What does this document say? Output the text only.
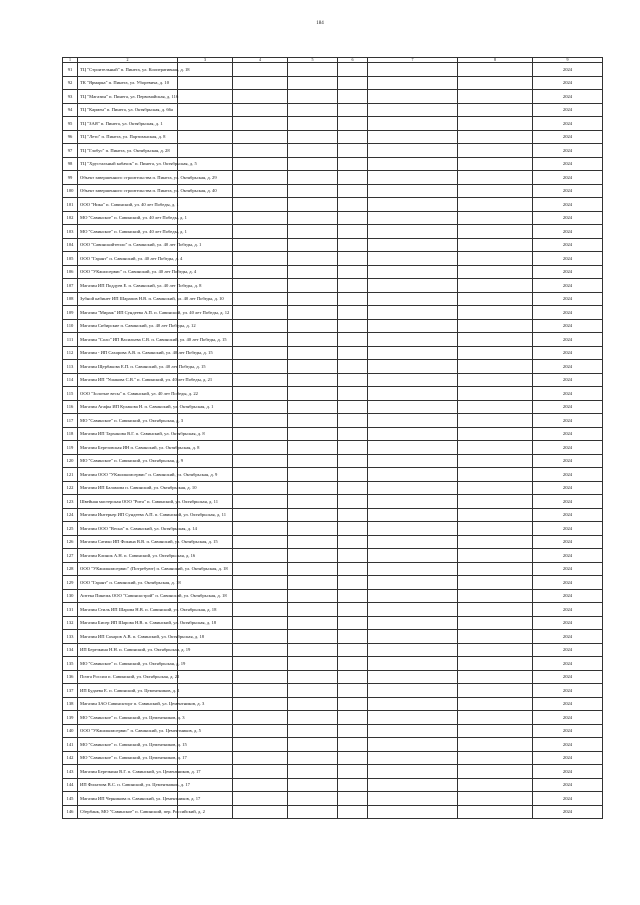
184
1	2	3	4	5	6	7	8	9
91	ТЦ "Строительный" п. Пинега, ул. Кооперативная, д. 18							2024
92	ТК "Ярмарка" п. Пинега, ул. Уборевича, д. 10							2024
93	ТЦ "Магазин" п. Пинега, ул. Первомайская, д. 116							2024
94	ТЦ "Кармен" п. Пинега, ул. Октябрьская, д. 66а							2024
95	ТЦ "ЗАЯ" п. Пинега, ул. Октябрьская, д. 1							2024
96	ТЦ "Лето" п. Пинега, ул. Партизанская, д. 8							2024
97	ТЦ "Глобус" п. Пинега, ул. Октябрьская, д. 28							2024
98	ТЦ "Хрустальный кабачок" п. Пинега, ул. Октябрьская, д. 5							2024
99	Объект завершенного строительства п. Пинега, ул. Октябрьская, д. 29							2024
100	Объект завершенного строительства п. Пинега, ул. Октябрьская, д. 40							2024
101	ООО "Ника" п. Савинский, ул. 40 лет Победы, д. 1							2024
102	МО "Савинское" п. Савинский, ул. 40 лет Победы, д. 1							2024
103	МО "Савинское" п. Савинский, ул. 40 лет Победы, д. 1							2024
104	ООО "Савинскийтепло" п. Савинский, ул. 40 лет Победы, д. 1							2024
105	ООО "Гарант" п. Савинский, ул. 40 лет Победы, д. 4							2024
106	ООО "УКжилсервис" п. Савинский, ул. 40 лет Победы, д. 4							2024
107	Магазин ИП Поддуев Е. п. Савинский, ул. 40 лет Победы, д. 8							2024
108	Зубной кабинет ИП Шарапов Н.В. п. Савинский, ул. 40 лет Победы, д. 10							2024
109	Магазин "Мираж" ИП Сундеева А.П. п. Савинский, ул. 40 лет Победы, д. 12							2024
110	Магазин Сибирские п. Савинский, ул. 40 лет Победы, д. 12							2024
111	Магазин "Соло" ИП Васильева С.В. п. Савинский, ул. 40 лет Победы, д. 15							2024
112	Магазин - ИП Сахарова А.В. п. Савинский, ул. 40 лет Победы, д. 15							2024
113	Магазин Щербакова Е.П. п. Савинский, ул. 40 лет Победы, д. 15							2024
114	Магазин ИП "Ушакова С.В." п. Савинский, ул. 40 лет Победы, д. 21							2024
115	ООО "Золотые весы" п. Савинский, ул. 40 лет Победы, д. 22							2024
116	Магазин Агафы ИП Кулакова Н. п. Савинский, ул. Октябрьская, д. 1							2024
117	МО "Савинское" п. Савинский, ул. Октябрьская, д. 3							2024
118	Магазин ИП Тарханова В.Г. п. Савинский, ул. Октябрьская, д. 8							2024
119	Магазин Березовская ИН п. Савинский, ул. Октябрьская, д. 8							2024
120	МО "Савинское" п. Савинский, ул. Октябрьская, д. 9							2024
121	Магазин ООО "УКжилкомсервис" п. Савинский, ул. Октябрьская, д. 9							2024
122	Магазин ИП Баламова п. Савинский, ул. Октябрьская, д. 10							2024
123	Швейная мастерская ООО "Рита" п. Савинский, ул. Октябрьская, д. 11							2024
124	Магазин Интерьер ИП Сундеева А.П. п. Савинский, ул. Октябрьская, д. 11							2024
125	Магазин ООО "Весна" п. Савинский, ул. Октябрьская, д. 14							2024
126	Магазин Сатико ИП Фокина В.В. п. Савинский, ул. Октябрьская, д. 15							2024
127	Магазин Клинок А.Н. п. Савинский, ул. Октябрьская, д. 16							2024
128	ООО "УКжилкомсервис" (Потребуют) п. Савинский, ул. Октябрьская, д. 18							2024
129	ООО "Гарант" п. Савинский, ул. Октябрьская, д. 18							2024
130	Аптека Пинежь ООО "Савинскстрой" п. Савинский, ул. Октябрьская, д. 18							2024
131	Магазин Стиль ИП Шарова Н.В. п. Савинский, ул. Октябрьская, д. 18							2024
132	Магазин Бисер ИП Шарова Н.В. п. Савинский, ул. Октябрьская, д. 18							2024
133	Магазин ИП Сахаров А.В. п. Савинский, ул. Октябрьская, д. 18							2024
134	ИП Березкина Н.Н. п. Савинский, ул. Октябрьская, д. 19							2024
135	МО "Савинское" п. Савинский, ул. Октябрьская, д. 19							2024
136	Почта России п. Савинский, ул. Октябрьская, д. 22							2024
137	ИП Будаева Е. п. Савинский, ул. Цементников, д. 1							2024
138	Магазин ЗАО Савинскторг п. Савинский, ул. Цементников, д. 3							2024
139	МО "Савинское" п. Савинский, ул. Цементников, д. 3							2024
140	ООО "УКжилкомсервис" п. Савинский, ул. Цементников, д. 5							2024
141	МО "Савинское" п. Савинский, ул. Цементников, д. 15							2024
142	МО "Савинское" п. Савинский, ул. Цементников, д. 17							2024
143	Магазин Березкина В.Г. п. Савинский, ул. Цементников, д. 17							2024
144	ИП Филатова В.С. п. Савинский, ул. Цементников, д. 17							2024
145	Магазин ИП Черникова п. Савинский, ул. Цементников, д. 17							2024
146	Сбербанк, МО "Савинское" п. Савинский, пер. Российский, д. 2							2024
